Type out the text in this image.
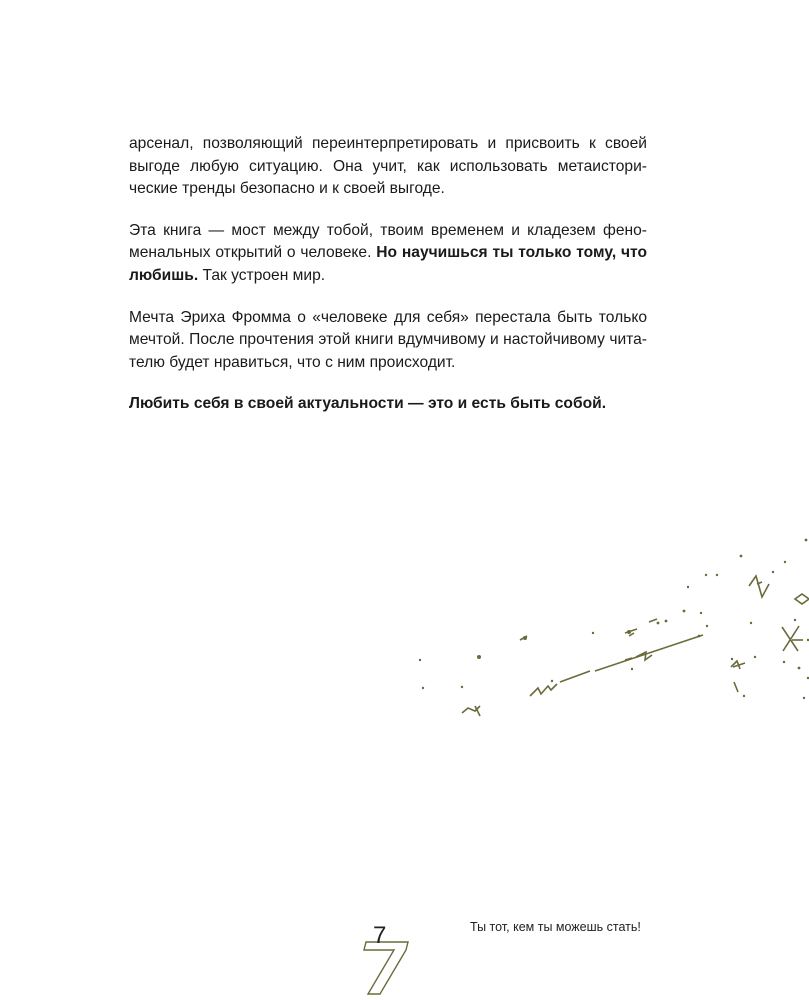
арсенал, позволяющий переинтерпретировать и присвоить к своей выгоде любую ситуацию. Она учит, как использовать метаисторические тренды безопасно и к своей выгоде.

Эта книга — мост между тобой, твоим временем и кладезем феноменальных открытий о человеке. Но научишься ты только тому, что любишь. Так устроен мир.

Мечта Эриха Фромма о «человеке для себя» перестала быть только мечтой. После прочтения этой книги вдумчивому и настойчивому читателю будет нравиться, что с ним происходит.

Любить себя в своей актуальности — это и есть быть собой.

Ты тот, кем ты можешь стать!
7
